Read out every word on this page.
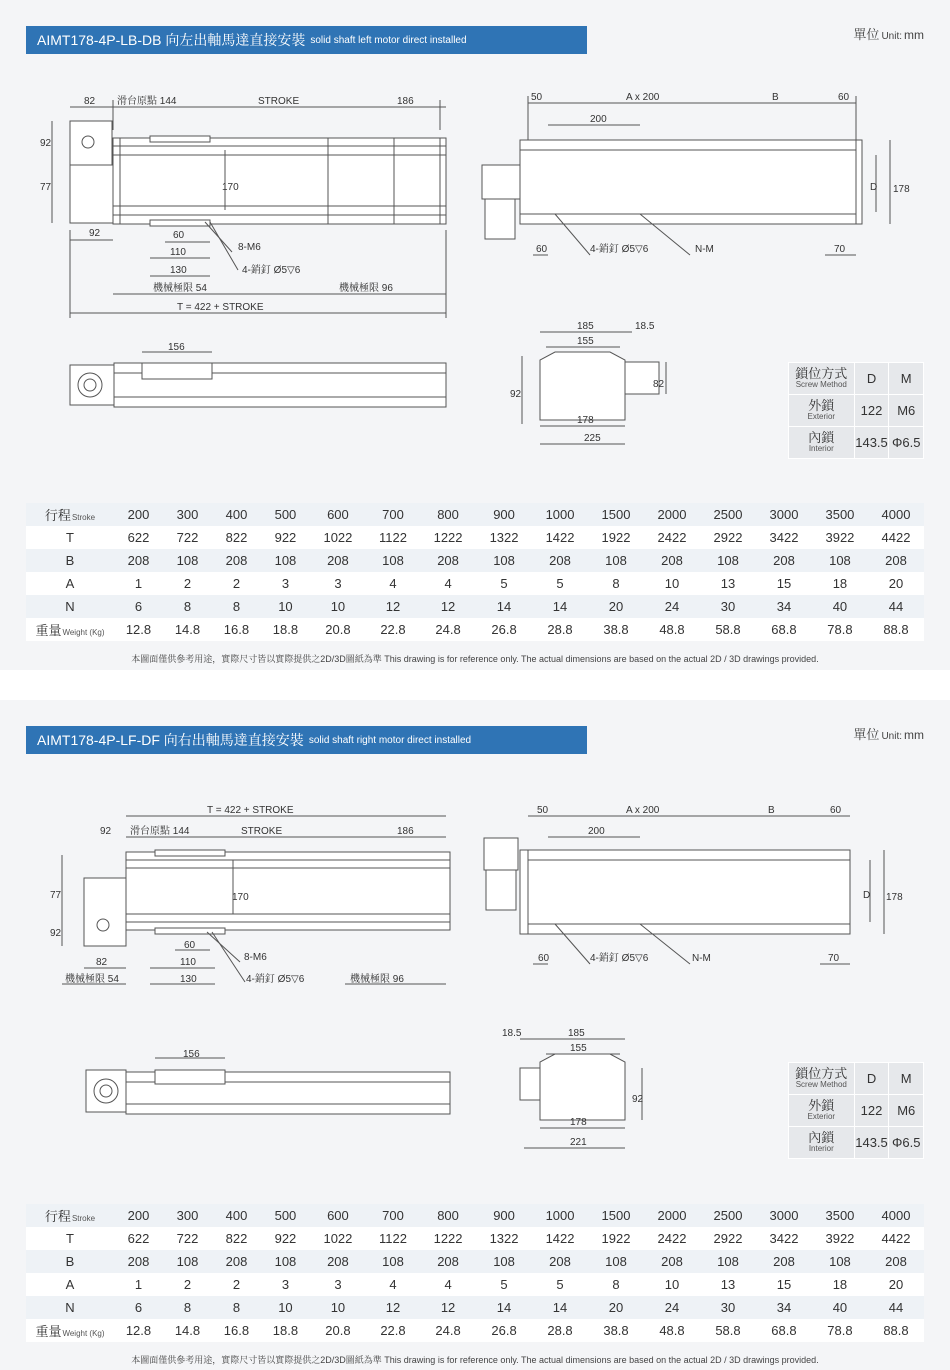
AIMT178-4P-LB-DB 向左出軸馬達直接安裝 solid shaft left motor direct installed	單位 Unit: mm
82 滑台原點 144	STROKE	186
92
77	170
92	60
110
130
8-M6
4-銷釘 Ø5▽6
機械極限 54	機械極限 96
T = 422 + STROKE
50	A x 200	B	60
200
D 178
60	4-銷釘 Ø5▽6	N-M	70
156
185	18.5
155
92
82
178
225
鎖位方式
Screw Method	D	M
外鎖
Exterior	122	M6
內鎖
Interior	143.5	Φ6.5
行程Stroke	200	300	400	500	600	700	800	900	1000	1500	2000	2500	3000	3500	4000
T	622	722	822	922	1022	1122	1222	1322	1422	1922	2422	2922	3422	3922	4422
B	208	108	208	108	208	108	208	108	208	108	208	108	208	108	208
A	1	2	2	3	3	4	4	5	5	8	10	13	15	18	20
N	6	8	8	10	10	12	12	14	14	20	24	30	34	40	44
重量Weight (Kg)	12.8	14.8	16.8	18.8	20.8	22.8	24.8	26.8	28.8	38.8	48.8	58.8	68.8	78.8	88.8
本圖面僅供參考用途，實際尺寸皆以實際提供之2D/3D圖紙為準 This drawing is for reference only. The actual dimensions are based on the actual 2D / 3D drawings provided.
AIMT178-4P-LF-DF 向右出軸馬達直接安裝 solid shaft right motor direct installed	單位 Unit: mm
T = 422 + STROKE
92 滑台原點 144	STROKE	186
77
92
170
60
110
82
130
8-M6
4-銷釘 Ø5▽6
機械極限 54	機械極限 96
50	A x 200	B	60
200
D 178
60	4-銷釘 Ø5▽6	N-M	70
156
18.5	185
155
92
178
221
鎖位方式
Screw Method	D	M
外鎖
Exterior	122	M6
內鎖
Interior	143.5	Φ6.5
行程Stroke	200	300	400	500	600	700	800	900	1000	1500	2000	2500	3000	3500	4000
T	622	722	822	922	1022	1122	1222	1322	1422	1922	2422	2922	3422	3922	4422
B	208	108	208	108	208	108	208	108	208	108	208	108	208	108	208
A	1	2	2	3	3	4	4	5	5	8	10	13	15	18	20
N	6	8	8	10	10	12	12	14	14	20	24	30	34	40	44
重量Weight (Kg)	12.8	14.8	16.8	18.8	20.8	22.8	24.8	26.8	28.8	38.8	48.8	58.8	68.8	78.8	88.8
本圖面僅供參考用途，實際尺寸皆以實際提供之2D/3D圖紙為準 This drawing is for reference only. The actual dimensions are based on the actual 2D / 3D drawings provided.
